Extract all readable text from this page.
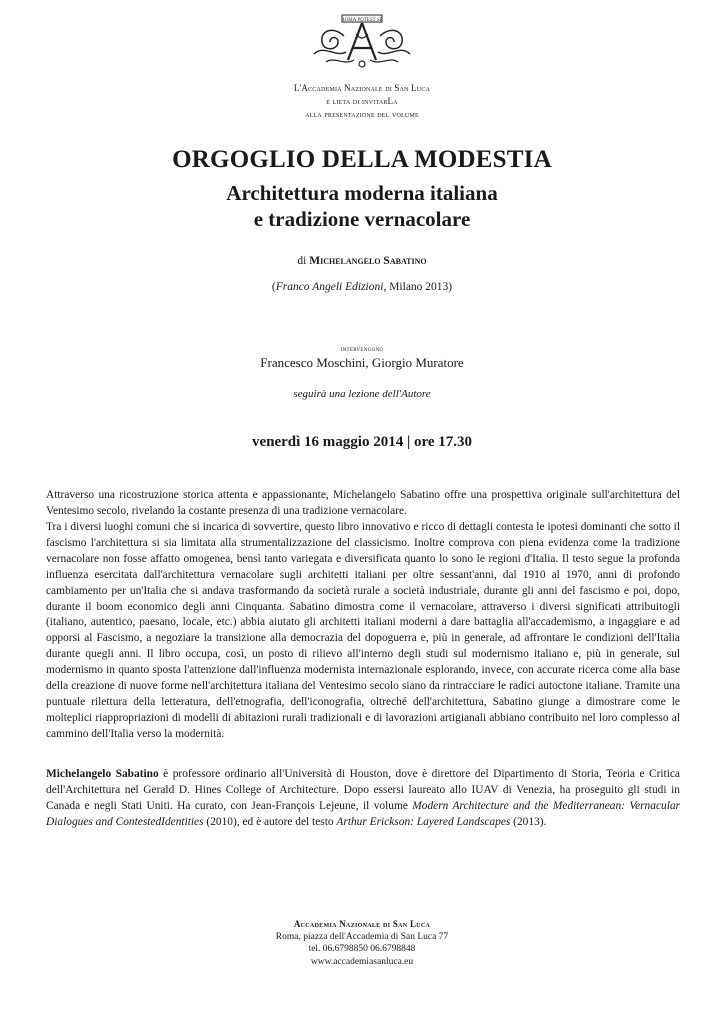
ROMA POTEST SE
L'Accademia Nazionale di San Luca
è lieta di invitarLa
alla presentazione del volume
ORGOGLIO DELLA MODESTIA
Architettura moderna italiana
e tradizione vernacolare
di Michelangelo Sabatino
(Franco Angeli Edizioni, Milano 2013)
intervengono
Francesco Moschini, Giorgio Muratore
seguirà una lezione dell'Autore
venerdì 16 maggio 2014 | ore 17.30

Attraverso una ricostruzione storica attenta e appassionante, Michelangelo Sabatino offre una prospettiva originale sull'architettura del Ventesimo secolo, rivelando la costante presenza di una tradizione vernacolare.

Tra i diversi luoghi comuni che si incarica di sovvertire, questo libro innovativo e ricco di dettagli contesta le ipotesi dominanti che sotto il fascismo l'architettura si sia limitata alla strumentalizzazione del classicismo. Inoltre comprova con piena evidenza come la tradizione vernacolare non fosse affatto omogenea, bensì tanto variegata e diversificata quanto lo sono le regioni d'Italia. Il testo segue la profonda influenza esercitata dall'architettura vernacolare sugli architetti italiani per oltre sessant'anni, dal 1910 al 1970, anni di profondo cambiamento per un'Italia che si andava trasformando da società rurale a società industriale, durante gli anni del fascismo e poi, dopo, durante il boom economico degli anni Cinquanta. Sabatino dimostra come il vernacolare, attraverso i diversi significati attribuitogli (italiano, autentico, paesano, locale, etc.) abbia aiutato gli architetti italiani moderni a dare battaglia all'accademismo, a ingaggiare e ad opporsi al Fascismo, a negoziare la transizione alla democrazia del dopoguerra e, più in generale, ad affrontare le condizioni dell'Italia durante quegli anni. Il libro occupa, così, un posto di rilievo all'interno degli studi sul modernismo italiano e, più in generale, sul modernismo in quanto sposta l'attenzione dall'influenza modernista internazionale esplorando, invece, con accurate ricerca come alla base della creazione di nuove forme nell'architettura italiana del Ventesimo secolo siano da rintracciare le radici autoctone italiane. Tramite una puntuale rilettura della letteratura, dell'etnografia, dell'iconografia, oltreché dell'architettura, Sabatino giunge a dimostrare come le molteplici riappropriazioni di modelli di abitazioni rurali tradizionali e di lavorazioni artigianali abbiano contribuito nel loro complesso al cammino dell'Italia verso la modernità.

Michelangelo Sabatino è professore ordinario all'Università di Houston, dove è direttore del Dipartimento di Storia, Teoria e Critica dell'Architettura nel Gerald D. Hines College of Architecture. Dopo essersi laureato allo IUAV di Venezia, ha proseguito gli studi in Canada e negli Stati Uniti. Ha curato, con Jean-François Lejeune, il volume Modern Architecture and the Mediterranean: Vernacular Dialogues and ContestedIdentities (2010), ed è autore del testo Arthur Erickson: Layered Landscapes (2013).

Accademia Nazionale di San Luca
Roma, piazza dell'Accademia di San Luca 77
tel. 06.6798850 06.6798848
www.accademiasanluca.eu
